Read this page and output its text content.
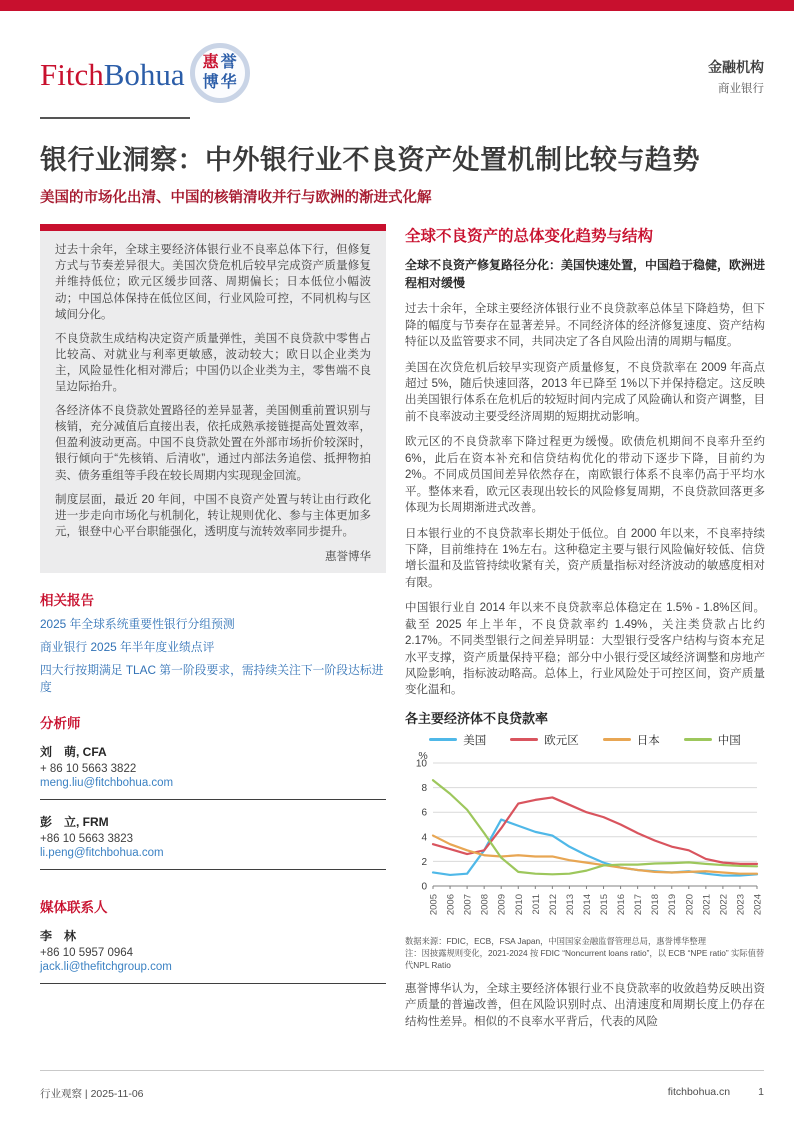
FitchBohua 惠 誉
博 华
金融机构
商业银行
银行业洞察：中外银行业不良资产处置机制比较与趋势
美国的市场化出清、中国的核销清收并行与欧洲的渐进式化解

过去十余年，全球主要经济体银行业不良率总体下行，但修复方式与节奏差异很大。美国次贷危机后较早完成资产质量修复并维持低位；欧元区缓步回落、周期偏长；日本低位小幅波动；中国总体保持在低位区间，行业风险可控，不同机构与区域间分化。

不良贷款生成结构决定资产质量弹性，美国不良贷款中零售占比较高、对就业与利率更敏感，波动较大；欧日以企业类为主，风险显性化相对滞后；中国仍以企业类为主，零售端不良呈边际抬升。

各经济体不良贷款处置路径的差异显著，美国侧重前置识别与核销，充分减值后直接出表，依托成熟承接链提高处置效率，但盈利波动更高。中国不良贷款处置在外部市场折价较深时，银行倾向于“先核销、后清收”，通过内部法务追偿、抵押物拍卖、债务重组等手段在较长周期内实现现金回流。

制度层面，最近 20 年间，中国不良资产处置与转让由行政化进一步走向市场化与机制化，转让规则优化、参与主体更加多元，银登中心平台职能强化，透明度与流转效率同步提升。

惠誉博华
相关报告
2025 年全球系统重要性银行分组预测
商业银行 2025 年半年度业绩点评
四大行按期满足 TLAC 第一阶段要求，需持续关注下一阶段达标进度
分析师
刘　萌, CFA
+ 86 10 5663 3822
meng.liu@fitchbohua.com
彭　立, FRM
+86 10 5663 3823
li.peng@fitchbohua.com
媒体联系人
李　林
+86 10 5957 0964
jack.li@thefitchgroup.com
全球不良资产的总体变化趋势与结构
全球不良资产修复路径分化：美国快速处置，中国趋于稳健，欧洲进程相对缓慢

过去十余年，全球主要经济体银行业不良贷款率总体呈下降趋势，但下降的幅度与节奏存在显著差异。不同经济体的经济修复速度、资产结构特征以及监管要求不同，共同决定了各自风险出清的周期与幅度。

美国在次贷危机后较早实现资产质量修复，不良贷款率在 2009 年高点超过 5%，随后快速回落，2013 年已降至 1%以下并保持稳定。这反映出美国银行体系在危机后的较短时间内完成了风险确认和资产调整，目前不良率波动主要受经济周期的短期扰动影响。

欧元区的不良贷款率下降过程更为缓慢。欧债危机期间不良率升至约 6%，此后在资本补充和信贷结构优化的带动下逐步下降，目前约为 2%。不同成员国间差异依然存在，南欧银行体系不良率仍高于平均水平。整体来看，欧元区表现出较长的风险修复周期，不良贷款回落更多体现为长周期渐进式改善。

日本银行业的不良贷款率长期处于低位。自 2000 年以来，不良率持续下降，目前维持在 1%左右。这种稳定主要与银行风险偏好较低、信贷增长温和及监管持续收紧有关，资产质量指标对经济波动的敏感度相对有限。

中国银行业自 2014 年以来不良贷款率总体稳定在 1.5% - 1.8%区间。截至 2025 年上半年，不良贷款率约 1.49%，关注类贷款占比约 2.17%。不同类型银行之间差异明显：大型银行受客户结构与资本充足水平支撑，资产质量保持平稳；部分中小银行受区域经济调整和房地产风险影响，指标波动略高。总体上，行业风险处于可控区间，资产质量变化温和。

各主要经济体不良贷款率
美国	欧元区	日本	中国
%
0
2
4
6
8
10
2005 2006 2007 2008 2009 2010 2011 2012 2013 2014 2015 2016 2017 2018 2019 2020 2021 2022 2023 2024
数据来源：FDIC，ECB，FSA Japan，中国国家金融监督管理总局，惠誉博华整理
注：因披露规则变化，2021-2024 按 FDIC “Noncurrent loans ratio”，以 ECB “NPE ratio” 实际值替代NPL Ratio

惠誉博华认为，全球主要经济体银行业不良贷款率的收敛趋势反映出资产质量的普遍改善，但在风险识别时点、出清速度和周期长度上仍存在结构性差异。相似的不良率水平背后，代表的风险

行业观察 | 2025-11-06	fitchbohua.cn	1
